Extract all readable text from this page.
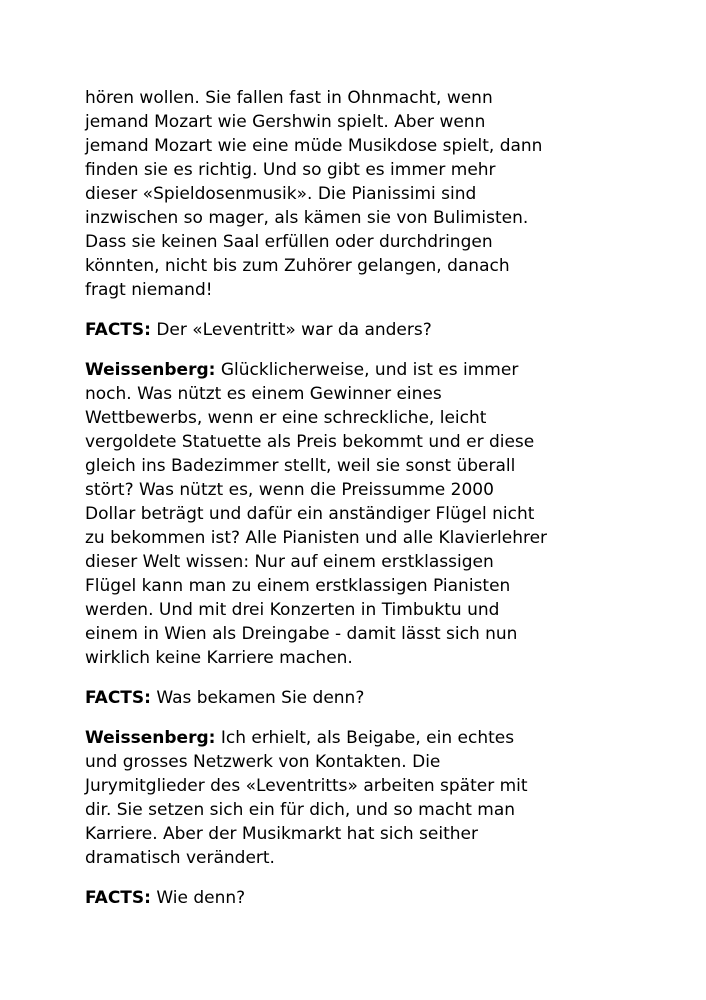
hören wollen. Sie fallen fast in Ohnmacht, wenn
jemand Mozart wie Gershwin spielt. Aber wenn
jemand Mozart wie eine müde Musikdose spielt, dann
finden sie es richtig. Und so gibt es immer mehr
dieser «Spieldosenmusik». Die Pianissimi sind
inzwischen so mager, als kämen sie von Bulimisten.
Dass sie keinen Saal erfüllen oder durchdringen
könnten, nicht bis zum Zuhörer gelangen, danach
fragt niemand!

FACTS: Der «Leventritt» war da anders?

Weissenberg: Glücklicherweise, und ist es immer
noch. Was nützt es einem Gewinner eines
Wettbewerbs, wenn er eine schreckliche, leicht
vergoldete Statuette als Preis bekommt und er diese
gleich ins Badezimmer stellt, weil sie sonst überall
stört? Was nützt es, wenn die Preissumme 2000
Dollar beträgt und dafür ein anständiger Flügel nicht
zu bekommen ist? Alle Pianisten und alle Klavierlehrer
dieser Welt wissen: Nur auf einem erstklassigen
Flügel kann man zu einem erstklassigen Pianisten
werden. Und mit drei Konzerten in Timbuktu und
einem in Wien als Dreingabe - damit lässt sich nun
wirklich keine Karriere machen.

FACTS: Was bekamen Sie denn?

Weissenberg: Ich erhielt, als Beigabe, ein echtes
und grosses Netzwerk von Kontakten. Die
Jurymitglieder des «Leventritts» arbeiten später mit
dir. Sie setzen sich ein für dich, und so macht man
Karriere. Aber der Musikmarkt hat sich seither
dramatisch verändert.

FACTS: Wie denn?
